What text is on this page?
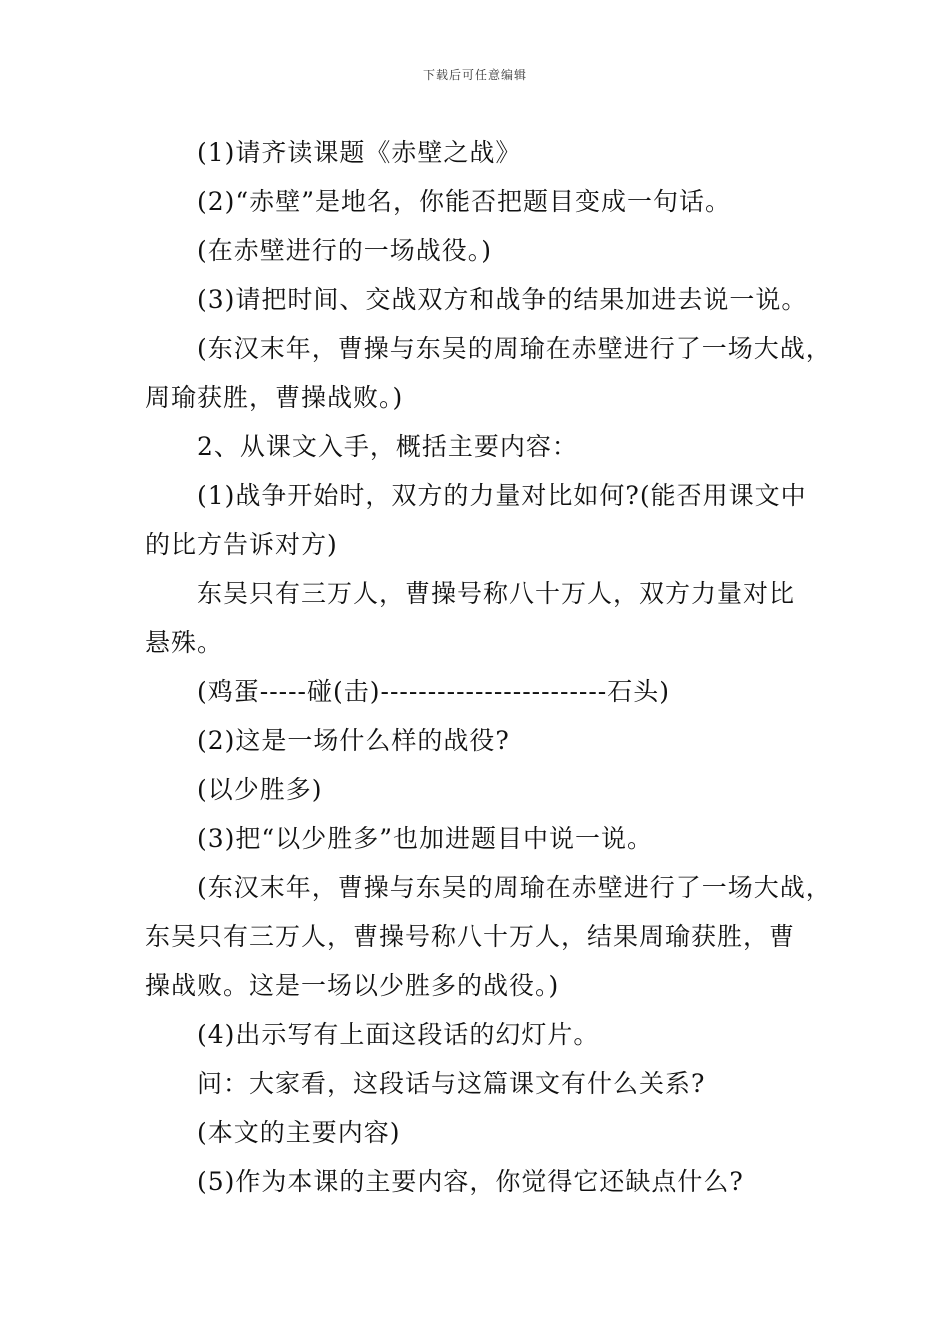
下载后可任意编辑
(1)请齐读课题《赤壁之战》
(2)“赤壁”是地名，你能否把题目变成一句话。
(在赤壁进行的一场战役。)
(3)请把时间、交战双方和战争的结果加进去说一说。
(东汉末年，曹操与东吴的周瑜在赤壁进行了一场大战，
周瑜获胜，曹操战败。)
2、从课文入手，概括主要内容：
(1)战争开始时，双方的力量对比如何?(能否用课文中
的比方告诉对方)
东吴只有三万人，曹操号称八十万人，双方力量对比
悬殊。
(鸡蛋-----碰(击)------------------------石头)
(2)这是一场什么样的战役?
(以少胜多)
(3)把“以少胜多”也加进题目中说一说。
(东汉末年，曹操与东吴的周瑜在赤壁进行了一场大战，
东吴只有三万人，曹操号称八十万人，结果周瑜获胜，曹
操战败。这是一场以少胜多的战役。)
(4)出示写有上面这段话的幻灯片。
问：大家看，这段话与这篇课文有什么关系?
(本文的主要内容)
(5)作为本课的主要内容，你觉得它还缺点什么?
